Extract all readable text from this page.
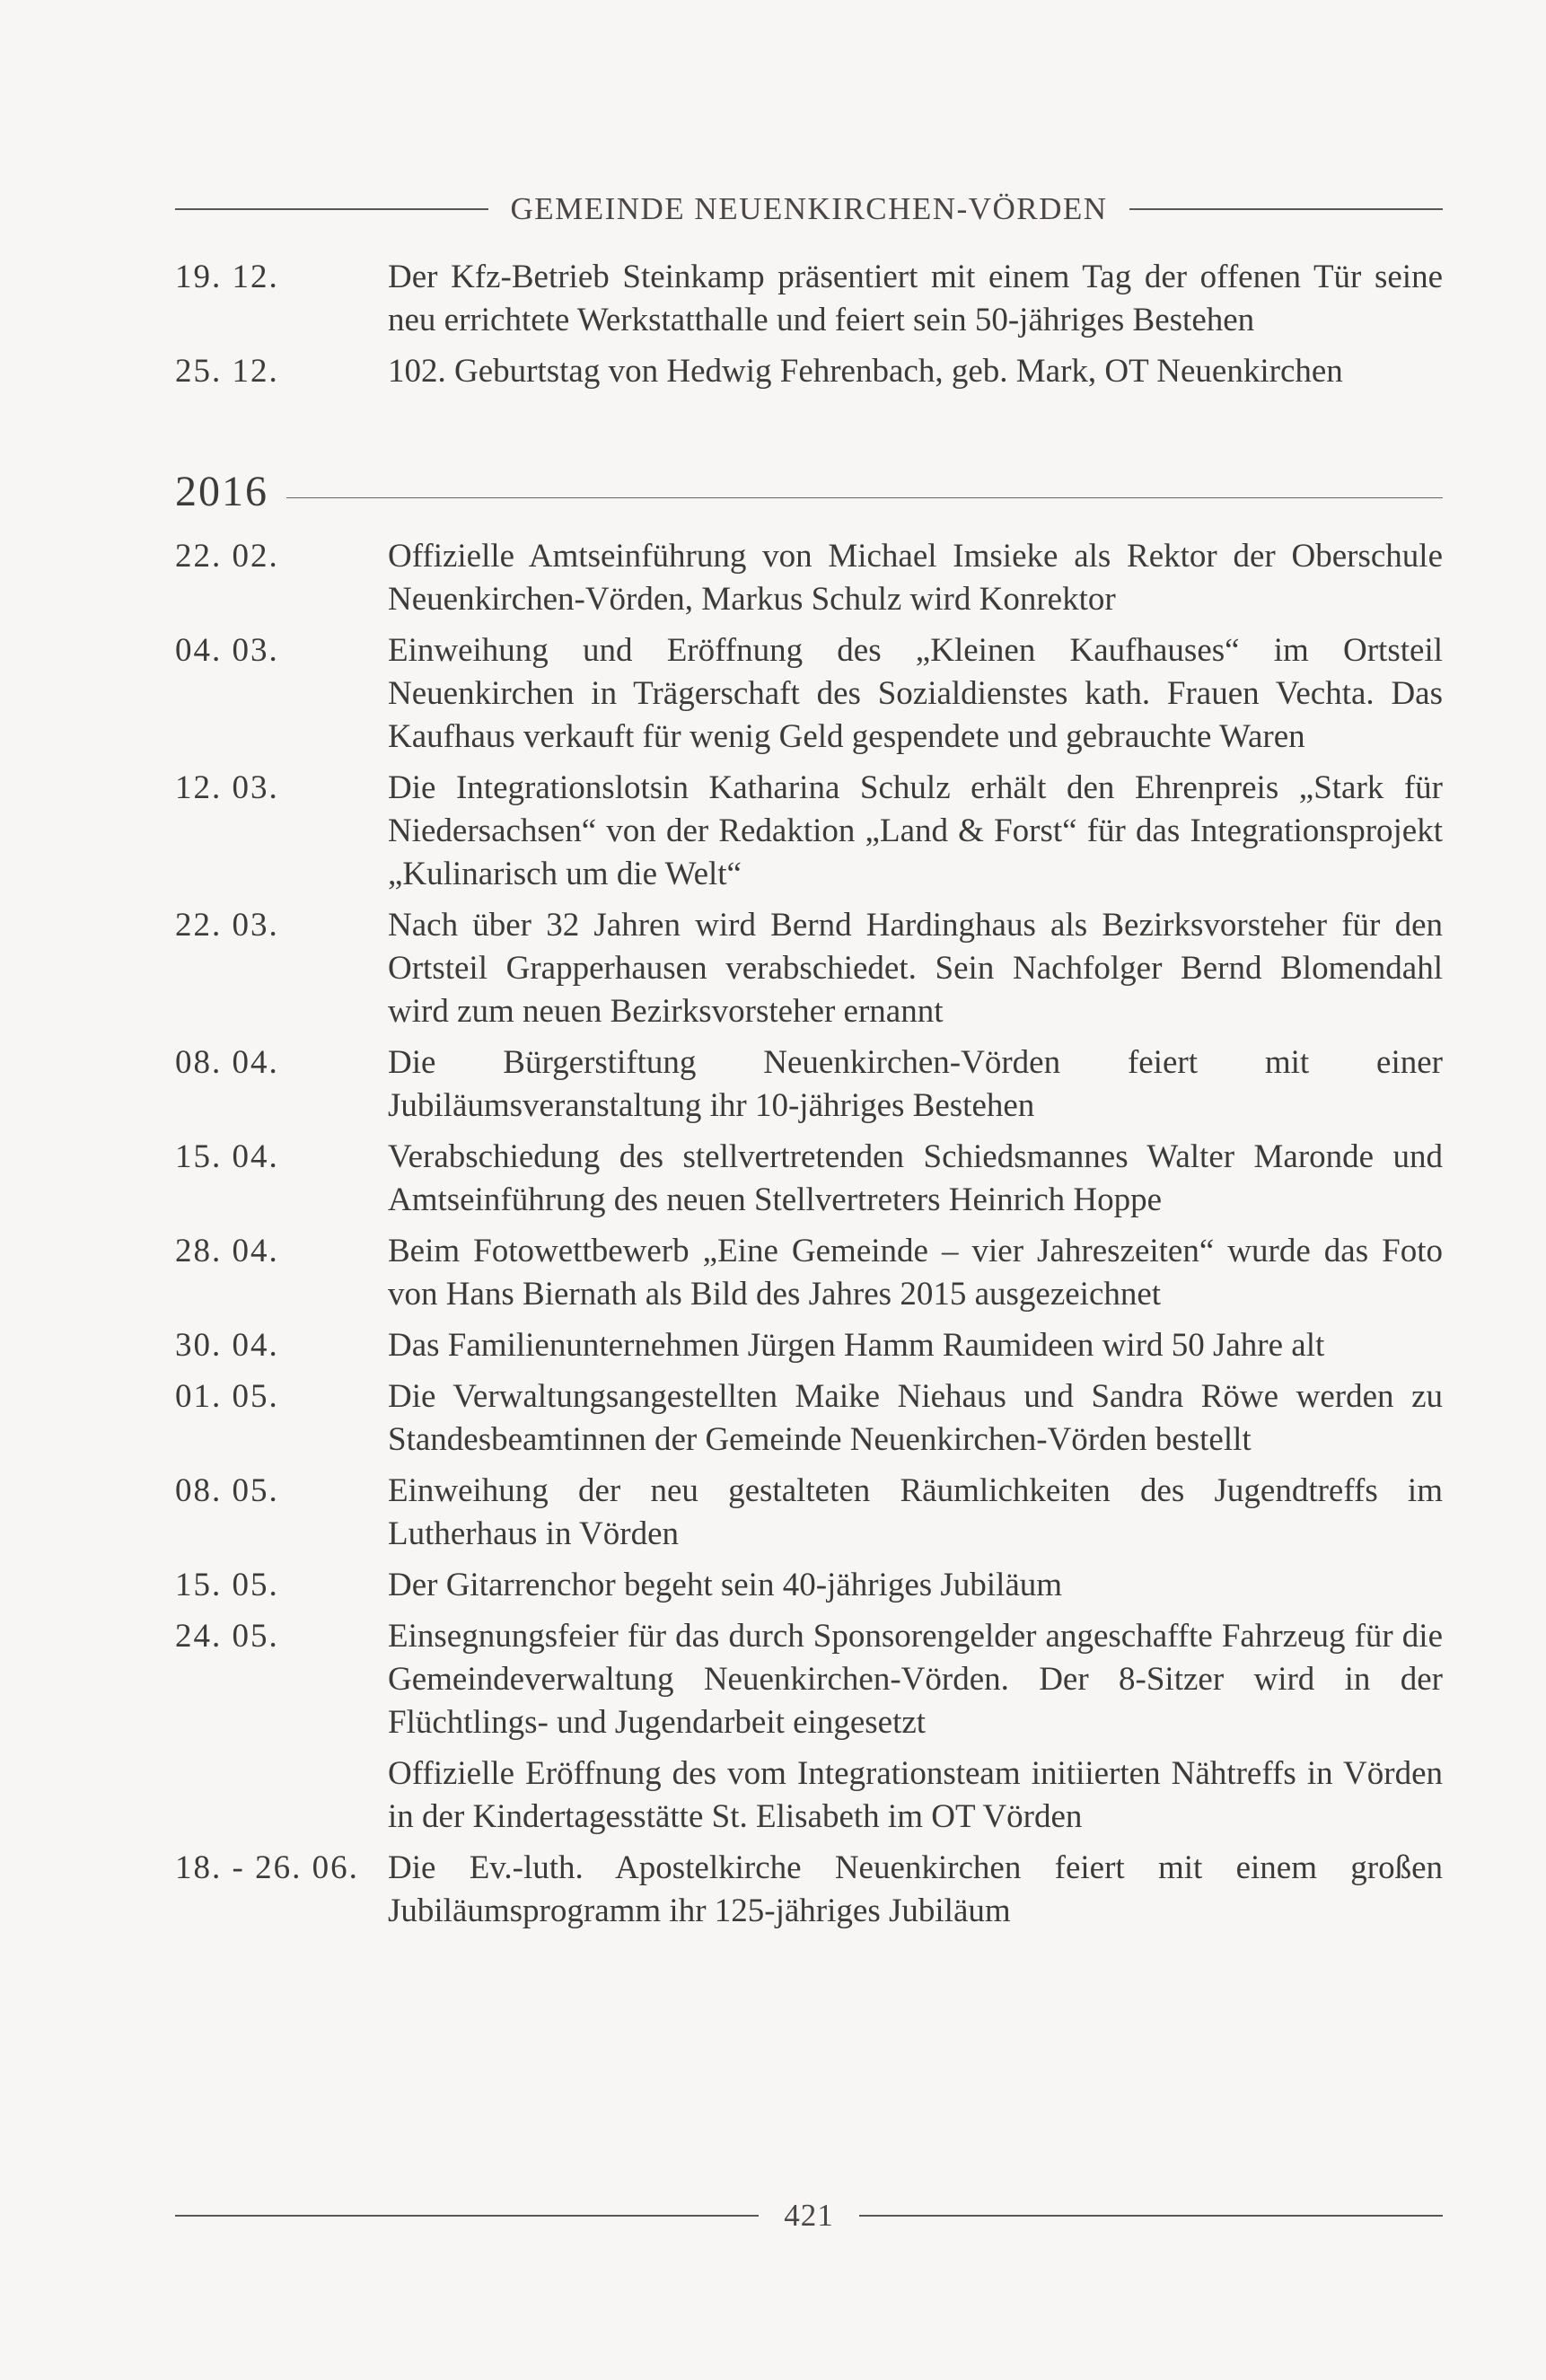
GEMEINDE NEUENKIRCHEN-VÖRDEN
19. 12.	Der Kfz-Betrieb Steinkamp präsentiert mit einem Tag der offenen Tür seine neu errichtete Werkstatthalle und feiert sein 50-jähriges Bestehen
25. 12.	102. Geburtstag von Hedwig Fehrenbach, geb. Mark, OT Neuenkirchen
2016
22. 02.	Offizielle Amtseinführung von Michael Imsieke als Rektor der Oberschule Neuenkirchen-Vörden, Markus Schulz wird Konrektor
04. 03.	Einweihung und Eröffnung des „Kleinen Kaufhauses“ im Ortsteil Neuenkirchen in Trägerschaft des Sozialdienstes kath. Frauen Vechta. Das Kaufhaus verkauft für wenig Geld gespendete und gebrauchte Waren
12. 03.	Die Integrationslotsin Katharina Schulz erhält den Ehrenpreis „Stark für Niedersachsen“ von der Redaktion „Land & Forst“ für das Integrationsprojekt „Kulinarisch um die Welt“
22. 03.	Nach über 32 Jahren wird Bernd Hardinghaus als Bezirksvorsteher für den Ortsteil Grapperhausen verabschiedet. Sein Nachfolger Bernd Blomendahl wird zum neuen Bezirksvorsteher ernannt
08. 04.	Die Bürgerstiftung Neuenkirchen-Vörden feiert mit einer Jubiläumsveranstaltung ihr 10-jähriges Bestehen
15. 04.	Verabschiedung des stellvertretenden Schiedsmannes Walter Maronde und Amtseinführung des neuen Stellvertreters Heinrich Hoppe
28. 04.	Beim Fotowettbewerb „Eine Gemeinde – vier Jahreszeiten“ wurde das Foto von Hans Biernath als Bild des Jahres 2015 ausgezeichnet
30. 04.	Das Familienunternehmen Jürgen Hamm Raumideen wird 50 Jahre alt
01. 05.	Die Verwaltungsangestellten Maike Niehaus und Sandra Röwe werden zu Standesbeamtinnen der Gemeinde Neuenkirchen-Vörden bestellt
08. 05.	Einweihung der neu gestalteten Räumlichkeiten des Jugendtreffs im Lutherhaus in Vörden
15. 05.	Der Gitarrenchor begeht sein 40-jähriges Jubiläum
24. 05.	Einsegnungsfeier für das durch Sponsorengelder angeschaffte Fahrzeug für die Gemeindeverwaltung Neuenkirchen-Vörden. Der 8-Sitzer wird in der Flüchtlings- und Jugendarbeit eingesetzt
Offizielle Eröffnung des vom Integrationsteam initiierten Nähtreffs in Vörden in der Kindertagesstätte St. Elisabeth im OT Vörden
18. - 26. 06. Die Ev.-luth. Apostelkirche Neuenkirchen feiert mit einem großen Jubiläumsprogramm ihr 125-jähriges Jubiläum
421
